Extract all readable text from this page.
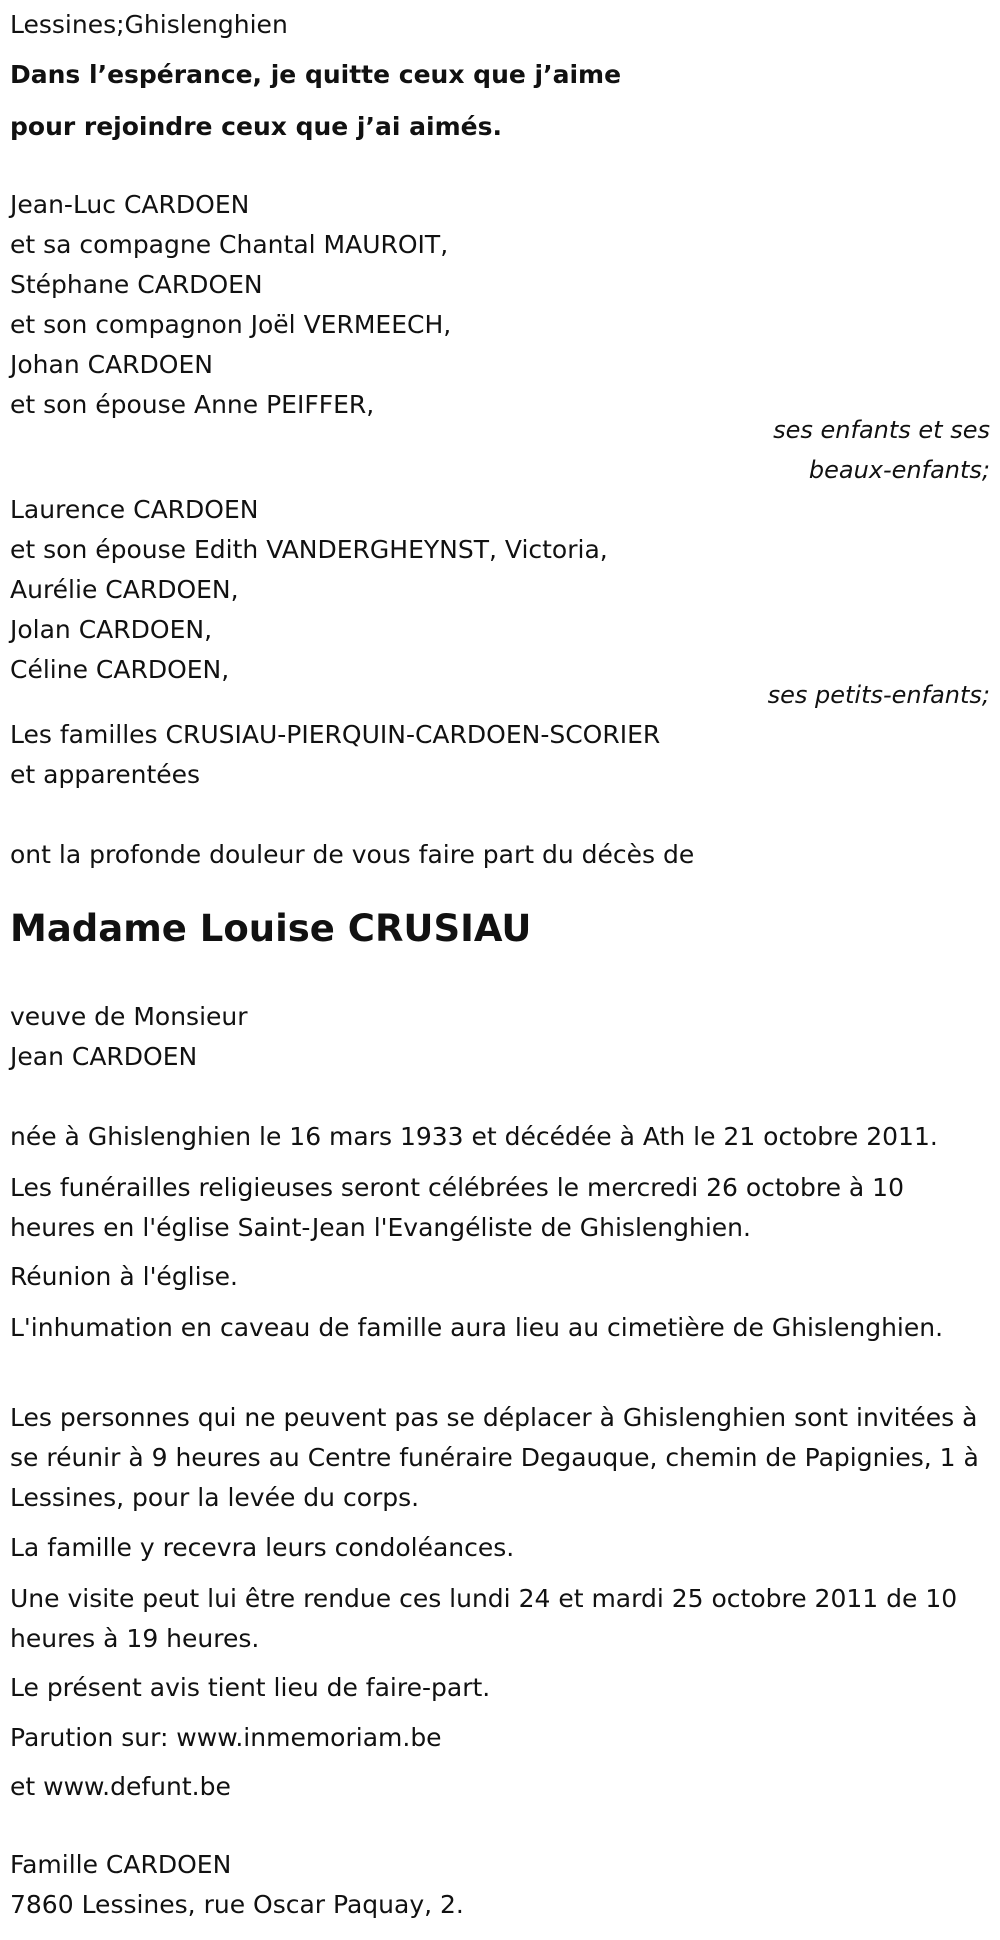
Lessines;Ghislenghien
Dans l’espérance, je quitte ceux que j’aime
pour rejoindre ceux que j’ai aimés.
Jean-Luc CARDOEN
et sa compagne Chantal MAUROIT,
Stéphane CARDOEN
et son compagnon Joël VERMEECH,
Johan CARDOEN
et son épouse Anne PEIFFER,
ses enfants et ses
beaux-enfants;
Laurence CARDOEN
et son épouse Edith VANDERGHEYNST, Victoria,
Aurélie CARDOEN,
Jolan CARDOEN,
Céline CARDOEN,
ses petits-enfants;
Les familles CRUSIAU-PIERQUIN-CARDOEN-SCORIER
et apparentées
ont la profonde douleur de vous faire part du décès de
Madame Louise CRUSIAU
veuve de Monsieur
Jean CARDOEN
née à Ghislenghien le 16 mars 1933 et décédée à Ath le 21 octobre 2011.
Les funérailles religieuses seront célébrées le mercredi 26 octobre à 10 heures en l'église Saint-Jean l'Evangéliste de Ghislenghien.
Réunion à l'église.
L'inhumation en caveau de famille aura lieu au cimetière de Ghislenghien.
Les personnes qui ne peuvent pas se déplacer à Ghislenghien sont invitées à se réunir à 9 heures au Centre funéraire Degauque, chemin de Papignies, 1 à Lessines, pour la levée du corps.
La famille y recevra leurs condoléances.
Une visite peut lui être rendue ces lundi 24 et mardi 25 octobre 2011 de 10 heures à 19 heures.
Le présent avis tient lieu de faire-part.
Parution sur: www.inmemoriam.be
et www.defunt.be
Famille CARDOEN
7860 Lessines, rue Oscar Paquay, 2.
